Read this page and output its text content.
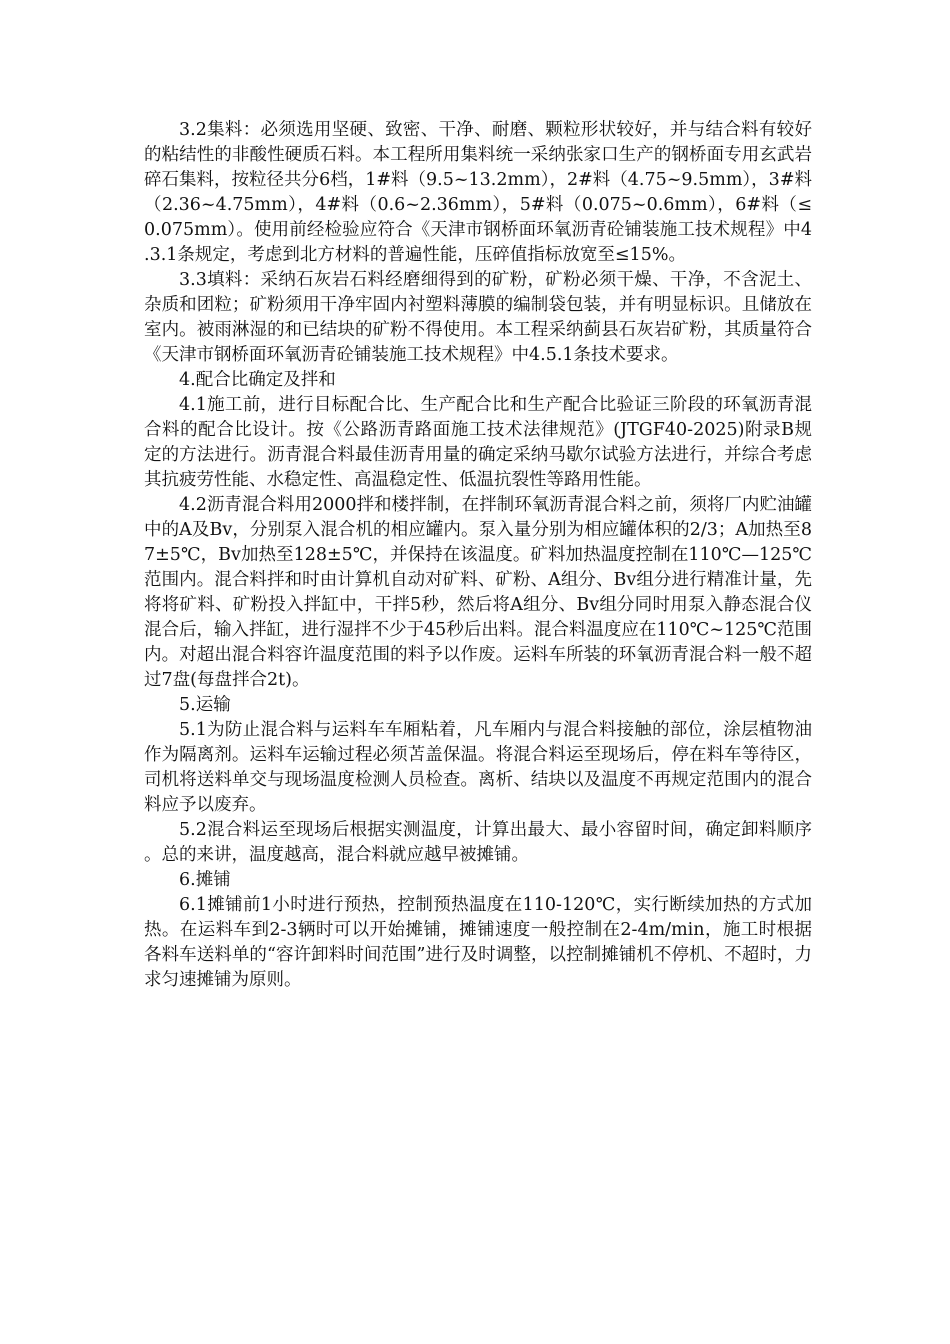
3.2集料：必须选用坚硬、致密、干净、耐磨、颗粒形状较好，并与结合料有较好的粘结性的非酸性硬质石料。本工程所用集料统一采纳张家口生产的钢桥面专用玄武岩碎石集料，按粒径共分6档，1#料（9.5~13.2mm），2#料（4.75~9.5mm），3#料（2.36~4.75mm），4#料（0.6~2.36mm），5#料（0.075~0.6mm），6#料（≤0.075mm）。使用前经检验应符合《天津市钢桥面环氧沥青砼铺装施工技术规程》中4.3.1条规定，考虑到北方材料的普遍性能，压碎值指标放宽至≤15%。

3.3填料：采纳石灰岩石料经磨细得到的矿粉，矿粉必须干燥、干净，不含泥土、杂质和团粒；矿粉须用干净牢固内衬塑料薄膜的编制袋包装，并有明显标识。且储放在室内。被雨淋湿的和已结块的矿粉不得使用。本工程采纳蓟县石灰岩矿粉，其质量符合《天津市钢桥面环氧沥青砼铺装施工技术规程》中4.5.1条技术要求。

4.配合比确定及拌和

4.1施工前，进行目标配合比、生产配合比和生产配合比验证三阶段的环氧沥青混合料的配合比设计。按《公路沥青路面施工技术法律规范》(JTGF40-2025)附录B规定的方法进行。沥青混合料最佳沥青用量的确定采纳马歇尔试验方法进行，并综合考虑其抗疲劳性能、水稳定性、高温稳定性、低温抗裂性等路用性能。

4.2沥青混合料用2000拌和楼拌制，在拌制环氧沥青混合料之前，须将厂内贮油罐中的A及Bv，分别泵入混合机的相应罐内。泵入量分别为相应罐体积的2/3；A加热至87±5℃，Bv加热至128±5℃，并保持在该温度。矿料加热温度控制在110℃—125℃范围内。混合料拌和时由计算机自动对矿料、矿粉、A组分、Bv组分进行精准计量，先将将矿料、矿粉投入拌缸中，干拌5秒，然后将A组分、Bv组分同时用泵入静态混合仪混合后，输入拌缸，进行湿拌不少于45秒后出料。混合料温度应在110℃~125℃范围内。对超出混合料容许温度范围的料予以作废。运料车所装的环氧沥青混合料一般不超过7盘(每盘拌合2t)。

5.运输

5.1为防止混合料与运料车车厢粘着，凡车厢内与混合料接触的部位，涂层植物油作为隔离剂。运料车运输过程必须苫盖保温。将混合料运至现场后，停在料车等待区，司机将送料单交与现场温度检测人员检查。离析、结块以及温度不再规定范围内的混合料应予以废弃。

5.2混合料运至现场后根据实测温度，计算出最大、最小容留时间，确定卸料顺序。总的来讲，温度越高，混合料就应越早被摊铺。

6.摊铺

6.1摊铺前1小时进行预热，控制预热温度在110-120℃，实行断续加热的方式加热。在运料车到2-3辆时可以开始摊铺，摊铺速度一般控制在2-4m/min，施工时根据各料车送料单的“容许卸料时间范围”进行及时调整，以控制摊铺机不停机、不超时，力求匀速摊铺为原则。
